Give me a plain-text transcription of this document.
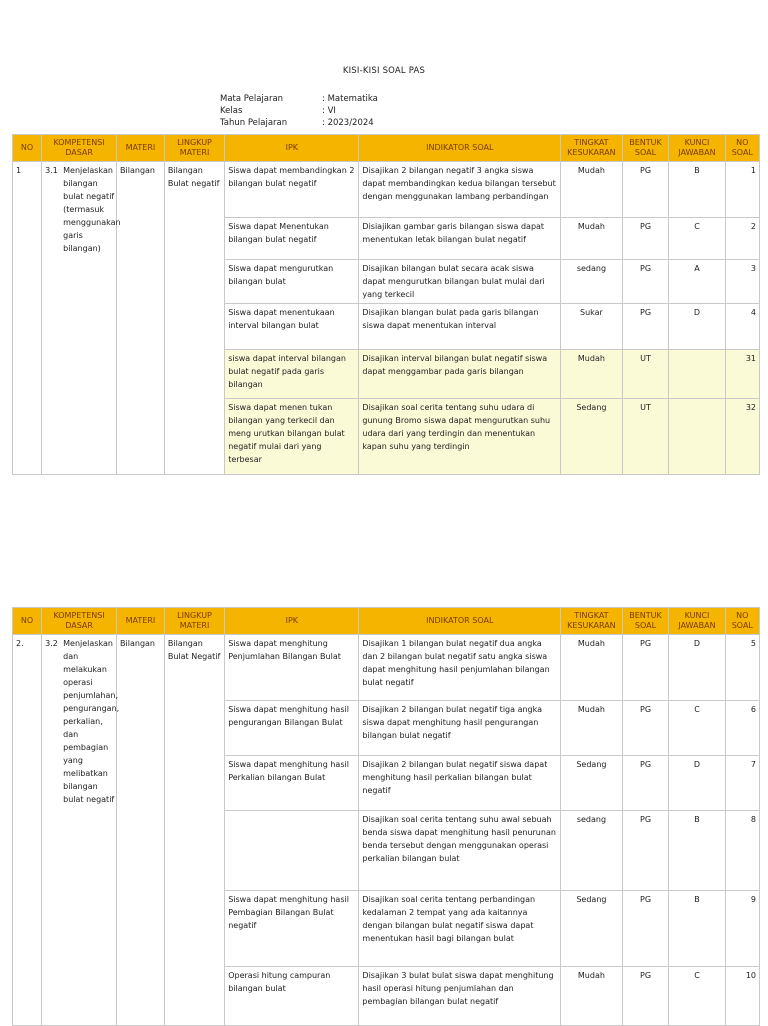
KISI-KISI SOAL PAS
Mata Pelajaran	: Matematika
Kelas	: VI
Tahun Pelajaran	: 2023/2024
NO	KOMPETENSI DASAR	MATERI	LINGKUP MATERI	IPK	INDIKATOR SOAL	TINGKAT KESUKARAN	BENTUK SOAL	KUNCI JAWABAN	NO SOAL
1	3.1 Menjelaskan bilangan bulat negatif (termasuk menggunakan garis bilangan)	Bilangan	Bilangan Bulat negatif	Siswa dapat membandingkan 2 bilangan bulat negatif	Disajikan 2 bilangan negatif 3 angka siswa dapat membandingkan kedua bilangan tersebut dengan menggunakan lambang perbandingan	Mudah	PG	B	1
				Siswa dapat Menentukan bilangan bulat negatif	Disiajikan gambar garis bilangan siswa dapat menentukan letak bilangan bulat negatif	Mudah	PG	C	2
				Siswa dapat mengurutkan bilangan bulat	Disajikan bilangan bulat secara acak siswa dapat mengurutkan bilangan bulat mulai dari yang terkecil	sedang	PG	A	3
				Siswa dapat menentukaan interval bilangan bulat	Disajikan blangan bulat pada garis bilangan siswa dapat menentukan interval	Sukar	PG	D	4
				siswa dapat interval bilangan bulat negatif pada garis bilangan	Disajikan interval bilangan bulat negatif siswa dapat menggambar pada garis bilangan	Mudah	UT		31
				Siswa dapat menen tukan bilangan yang terkecil dan meng urutkan bilangan bulat negatif mulai dari yang terbesar	Disajikan soal cerita tentang suhu udara di gunung Bromo siswa dapat mengurutkan suhu udara dari yang terdingin dan menentukan kapan suhu yang terdingin	Sedang	UT		32
NO	KOMPETENSI DASAR	MATERI	LINGKUP MATERI	IPK	INDIKATOR SOAL	TINGKAT KESUKARAN	BENTUK SOAL	KUNCI JAWABAN	NO SOAL
2.	3.2 Menjelaskan dan melakukan operasi penjumlahan, pengurangan, perkalian, dan pembagian yang melibatkan bilangan bulat negatif	Bilangan	Bilangan Bulat Negatif	Siswa dapat menghitung Penjumlahan Bilangan Bulat	Disajikan 1 bilangan bulat negatif dua angka dan 2 bilangan bulat negatif satu angka siswa dapat menghitung hasil penjumlahan bilangan bulat negatif	Mudah	PG	D	5
				Siswa dapat menghitung hasil pengurangan Bilangan Bulat	Disajikan 2 bilangan bulat negatif tiga angka siswa dapat menghitung hasil pengurangan bilangan bulat negatif	Mudah	PG	C	6
				Siswa dapat menghitung hasil Perkalian bilangan Bulat	Disajikan 2 bilangan bulat negatif siswa dapat menghitung hasil perkalian bilangan bulat negatif	Sedang	PG	D	7
					Disajikan soal cerita tentang suhu awal sebuah benda siswa dapat menghitung hasil penurunan benda tersebut dengan menggunakan operasi perkalian bilangan bulat	sedang	PG	B	8
				Siswa dapat menghitung hasil Pembagian Bilangan Bulat negatif	Disajikan soal cerita tentang perbandingan kedalaman 2 tempat yang ada kaitannya dengan bilangan bulat negatif siswa dapat menentukan hasil bagi bilangan bulat	Sedang	PG	B	9
				Operasi hitung campuran bilangan bulat	Disajikan 3 bulat bulat siswa dapat menghitung hasil operasi hitung penjumlahan dan pembagian bilangan bulat negatif	Mudah	PG	C	10
